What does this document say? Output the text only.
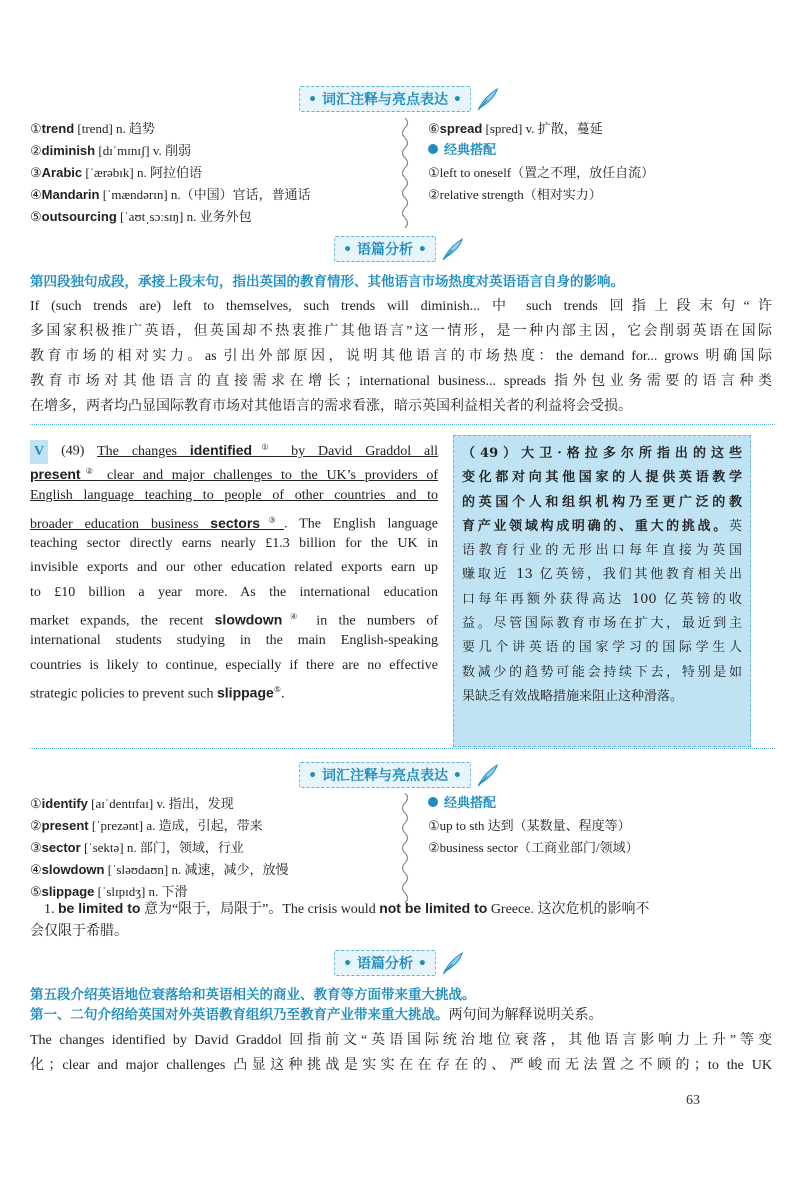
• 词汇注释与亮点表达 •
①trend [trend] n. 趋势
②diminish [dɪˈmɪnɪʃ] v. 削弱
③Arabic [ˈærəbɪk] n. 阿拉伯语
④Mandarin [ˈmændərɪn] n.（中国）官话，普通话
⑤outsourcing [ˈaʊtˌsɔːsɪŋ] n. 业务外包
⑥spread [spred] v. 扩散，蔓延
经典搭配
①left to oneself（置之不理，放任自流）
②relative strength（相对实力）
• 语篇分析 •
第四段独句成段，承接上段末句，指出英国的教育情形、其他语言市场热度对英语语言自身的影响。
If (such trends are) left to themselves, such trends will diminish... 中 such trends 回指上段末句“许
多国家积极推广英语，但英国却不热衷推广其他语言”这一情形，是一种内部主因，它会削弱英语在国际
教育市场的相对实力。as 引出外部原因，说明其他语言的市场热度：the demand for... grows 明确国际
教育市场对其他语言的直接需求在增长；international business... spreads 指外包业务需要的语言种类
在增多，两者均凸显国际教育市场对其他语言的需求看涨，暗示英国利益相关者的利益将会受损。
V (49) The changes identified① by David Graddol all
present② clear and major challenges to the UK’s providers of
English language teaching to people of other countries and to
broader education business sectors③. The English language
teaching sector directly earns nearly £1.3 billion for the UK in
invisible exports and our other education related exports earn up
to £10 billion a year more. As the international education
market expands, the recent slowdown④ in the numbers of
international students studying in the main English-speaking
countries is likely to continue, especially if there are no effective
strategic policies to prevent such slippage⑤.
（49）大卫·格拉多尔所指出的这些
变化都对向其他国家的人提供英语教学
的英国个人和组织机构乃至更广泛的教
育产业领域构成明确的、重大的挑战。英
语教育行业的无形出口每年直接为英国
赚取近 13 亿英镑，我们其他教育相关出
口每年再额外获得高达 100 亿英镑的收
益。尽管国际教育市场在扩大，最近到主
要几个讲英语的国家学习的国际学生人
数减少的趋势可能会持续下去，特别是如
果缺乏有效战略措施来阻止这种滑落。
• 词汇注释与亮点表达 •
①identify [aɪˈdentɪfaɪ] v. 指出，发现
②present [ˈprezənt] a. 造成，引起，带来
③sector [ˈsektə] n. 部门，领域，行业
④slowdown [ˈsləʊdaʊn] n. 减速，减少，放慢
⑤slippage [ˈslɪpɪdʒ] n. 下滑
经典搭配
①up to sth 达到（某数量、程度等）
②business sector（工商业部门/领域）
1. be limited to 意为“限于，局限于”。The crisis would not be limited to Greece. 这次危机的影响不
会仅限于希腊。
• 语篇分析 •
第五段介绍英语地位衰落给和英语相关的商业、教育等方面带来重大挑战。
第一、二句介绍给英国对外英语教育组织乃至教育产业带来重大挑战。两句间为解释说明关系。
The changes identified by David Graddol 回指前文“英语国际统治地位衰落，其他语言影响力上升”等变
化；clear and major challenges 凸显这种挑战是实实在在存在的、严峻而无法置之不顾的；to the UK
63
